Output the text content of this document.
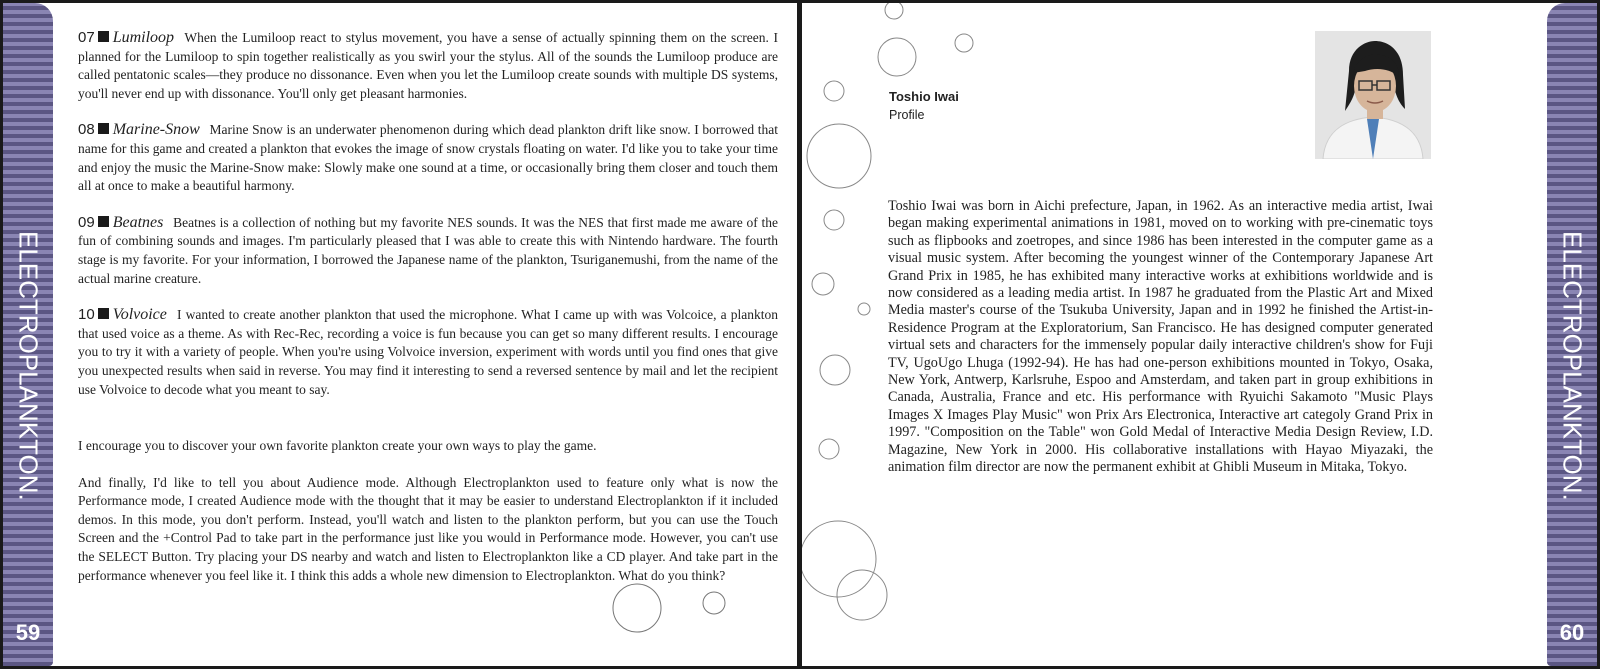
ELECTROPLANKTON.
59

07 Lumiloop When the Lumiloop react to stylus movement, you have a sense of actually spinning them on the screen. I planned for the Lumiloop to spin together realistically as you swirl your the stylus. All of the sounds the Lumiloop produce are called pentatonic scales—they produce no dissonance. Even when you let the Lumiloop create sounds with multiple DS systems, you'll never end up with dissonance. You'll only get pleasant harmonies.

08 Marine-Snow Marine Snow is an underwater phenomenon during which dead plankton drift like snow. I borrowed that name for this game and created a plankton that evokes the image of snow crystals floating on water. I'd like you to take your time and enjoy the music the Marine-Snow make: Slowly make one sound at a time, or occasionally bring them closer and touch them all at once to make a beautiful harmony.

09 Beatnes Beatnes is a collection of nothing but my favorite NES sounds. It was the NES that first made me aware of the fun of combining sounds and images. I'm particularly pleased that I was able to create this with Nintendo hardware. The fourth stage is my favorite. For your information, I borrowed the Japanese name of the plankton, Tsuriganemushi, from the name of the actual marine creature.

10 Volvoice I wanted to create another plankton that used the microphone. What I came up with was Volcoice, a plankton that used voice as a theme. As with Rec-Rec, recording a voice is fun because you can get so many different results. I encourage you to try it with a variety of people. When you're using Volvoice inversion, experiment with words until you find ones that give you unexpected results when said in reverse. You may find it interesting to send a reversed sentence by mail and let the recipient use Volvoice to decode what you meant to say.

I encourage you to discover your own favorite plankton create your own ways to play the game.

And finally, I'd like to tell you about Audience mode. Although Electroplankton used to feature only what is now the Performance mode, I created Audience mode with the thought that it may be easier to understand Electroplankton if it included demos. In this mode, you don't perform. Instead, you'll watch and listen to the plankton perform, but you can use the Touch Screen and the +Control Pad to take part in the performance just like you would in Performance mode. However, you can't use the SELECT Button. Try placing your DS nearby and watch and listen to Electroplankton like a CD player. And take part in the performance whenever you feel like it. I think this adds a whole new dimension to Electroplankton. What do you think?

ELECTROPLANKTON.
60
Toshio Iwai
Profile

Toshio Iwai was born in Aichi prefecture, Japan, in 1962. As an interactive media artist, Iwai began making experimental animations in 1981, moved on to working with pre-cinematic toys such as flipbooks and zoetropes, and since 1986 has been interested in the computer game as a visual music system. After becoming the youngest winner of the Contemporary Japanese Art Grand Prix in 1985, he has exhibited many interactive works at exhibitions worldwide and is now considered as a leading media artist. In 1987 he graduated from the Plastic Art and Mixed Media master's course of the Tsukuba University, Japan and in 1992 he finished the Artist-in-Residence Program at the Exploratorium, San Francisco. He has designed computer generated virtual sets and characters for the immensely popular daily interactive children's show for Fuji TV, UgoUgo Lhuga (1992-94). He has had one-person exhibitions mounted in Tokyo, Osaka, New York, Antwerp, Karlsruhe, Espoo and Amsterdam, and taken part in group exhibitions in Canada, Australia, France and etc. His performance with Ryuichi Sakamoto "Music Plays Images X Images Play Music" won Prix Ars Electronica, Interactive art categoly Grand Prix in 1997. "Composition on the Table" won Gold Medal of Interactive Media Design Review, I.D. Magazine, New York in 2000. His collaborative installations with Hayao Miyazaki, the animation film director are now the permanent exhibit at Ghibli Museum in Mitaka, Tokyo.
